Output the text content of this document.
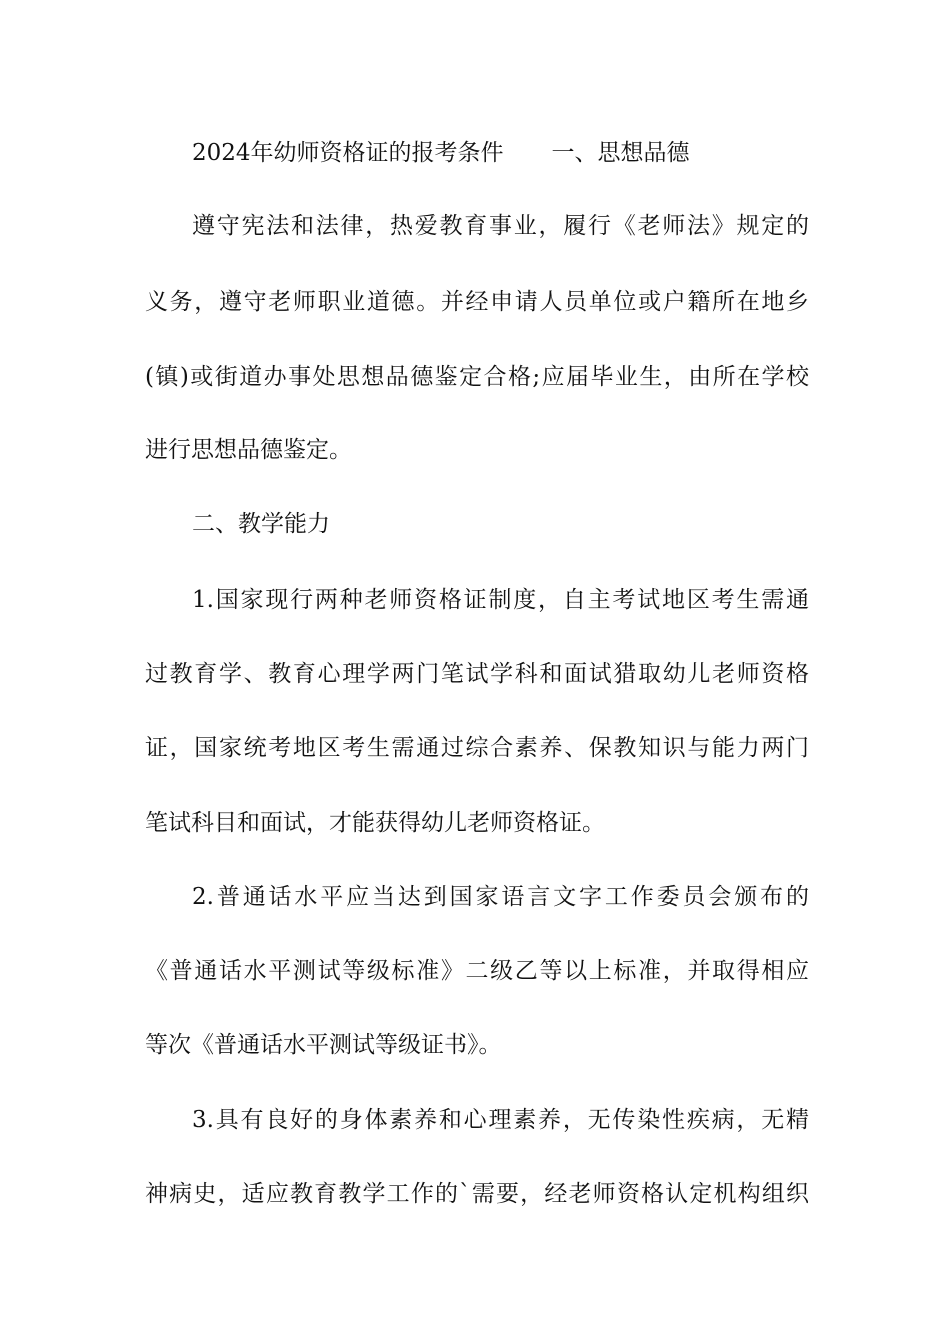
2024年幼师资格证的报考条件 一、思想品德
遵守宪法和法律，热爱教育事业，履行《老师法》规定的
义务，遵守老师职业道德。并经申请人员单位或户籍所在地乡
(镇)或街道办事处思想品德鉴定合格;应届毕业生，由所在学校
进行思想品德鉴定。
二、教学能力
1.国家现行两种老师资格证制度，自主考试地区考生需通
过教育学、教育心理学两门笔试学科和面试猎取幼儿老师资格
证，国家统考地区考生需通过综合素养、保教知识与能力两门
笔试科目和面试，才能获得幼儿老师资格证。
2.普通话水平应当达到国家语言文字工作委员会颁布的
《普通话水平测试等级标准》二级乙等以上标准，并取得相应
等次《普通话水平测试等级证书》。
3.具有良好的身体素养和心理素养，无传染性疾病，无精
神病史，适应教育教学工作的`需要，经老师资格认定机构组织
